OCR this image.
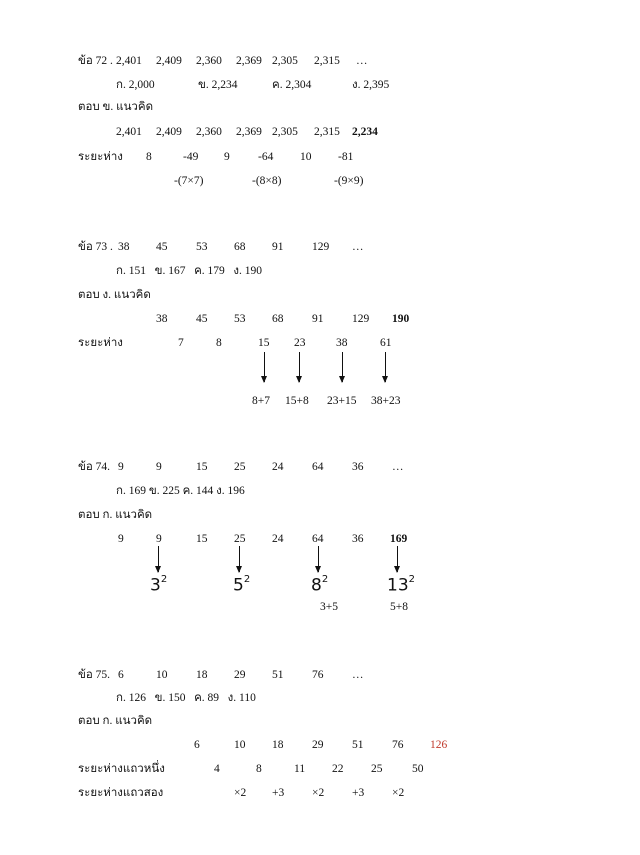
ข้อ 72 . 2,401 2,409 2,360 2,369 2,305 2,315 …
ก. 2,000	ข. 2,234	ค. 2,304	ง. 2,395
ตอบ ข. แนวคิด
2,401 2,409 2,360 2,369 2,305 2,315 2,234
ระยะห่าง 8	-49 9 -64 10 -81
-(7×7)	-(8×8)	-(9×9)
ข้อ 73 . 38 45 53 68 91 129 …
ก. 151   ข. 167   ค. 179   ง. 190
ตอบ ง. แนวคิด
38 45 53 68 91 129 190
ระยะห่าง	7	8	15 23	38	61
8+7 15+8 23+15 38+23
ข้อ 74. 9	9	15 25 24 64 36 …
ก. 169 ข. 225 ค. 144 ง. 196
ตอบ ก. แนวคิด
9	9	15 25 24 64 36 169
$3^2$	$5^2$	$8^2$	$13^2$
3+5	5+8
ข้อ 75. 6	10 18 29 51 76 …
ก. 126   ข. 150   ค. 89   ง. 110
ตอบ ก. แนวคิด
6	10 18 29 51 76 126
ระยะห่างแถวหนึ่ง	4	8	11 22 25	50
ระยะห่างแถวสอง	×2 +3 ×2 +3 ×2
